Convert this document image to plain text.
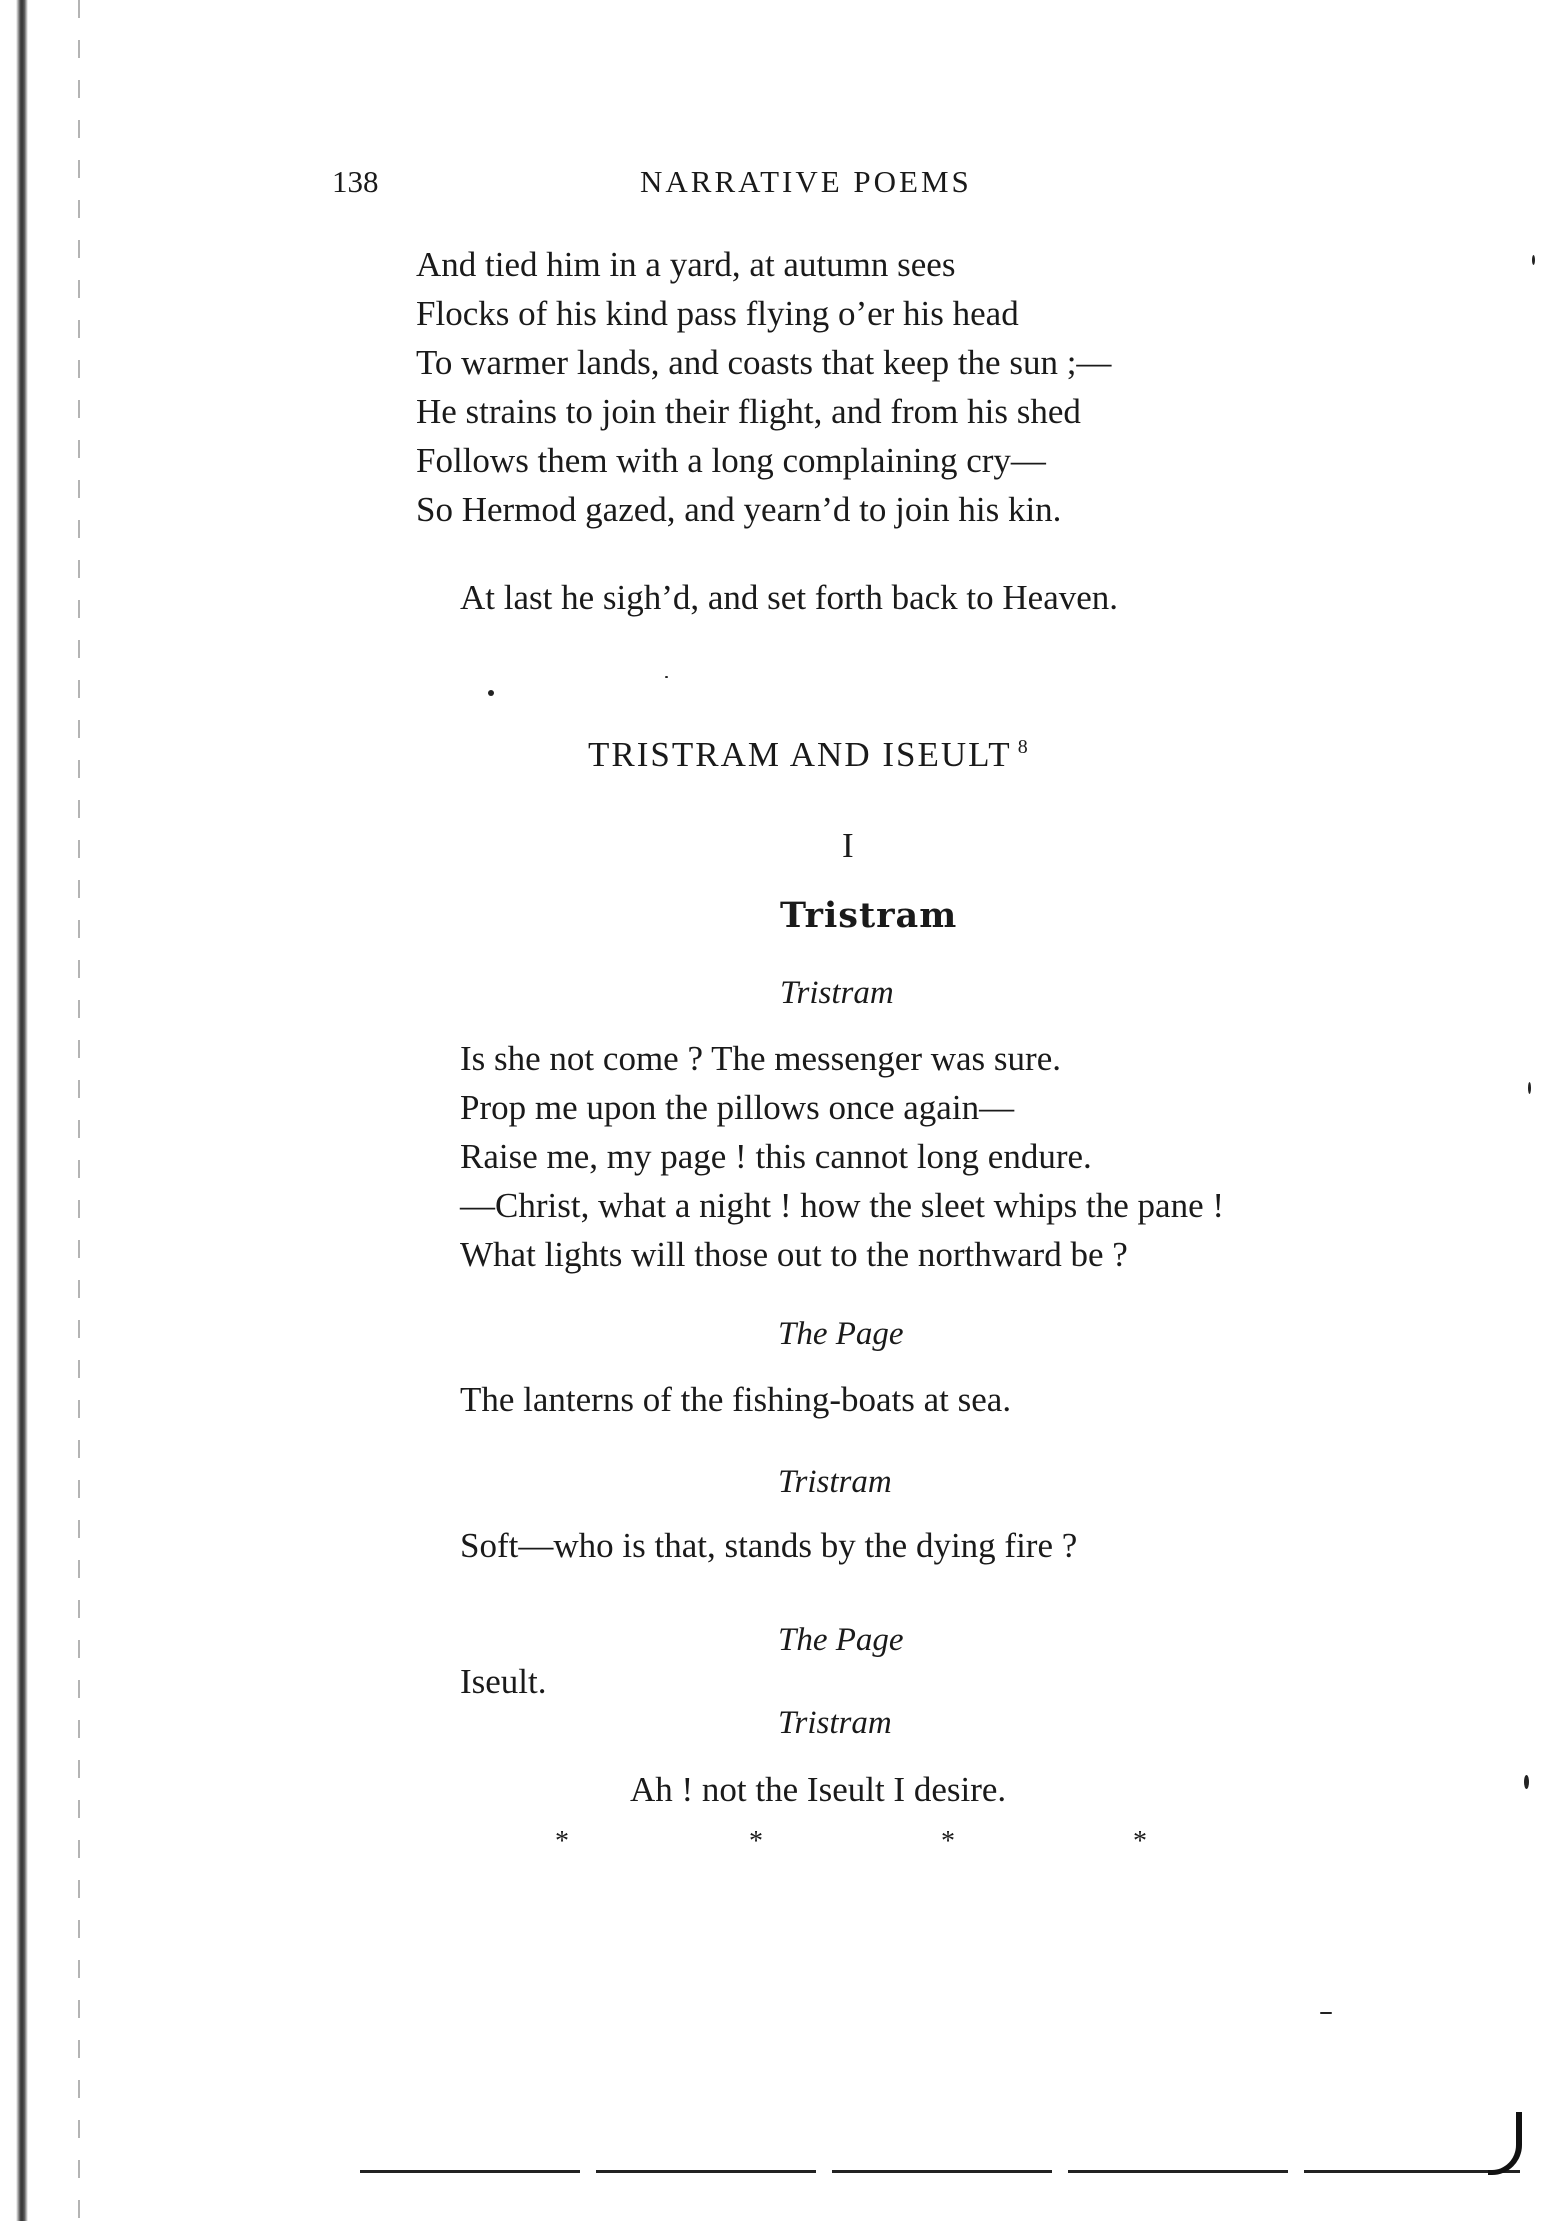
138	NARRATIVE POEMS
And tied him in a yard, at autumn sees
Flocks of his kind pass flying o’er his head
To warmer lands, and coasts that keep the sun ;—
He strains to join their flight, and from his shed
Follows them with a long complaining cry—
So Hermod gazed, and yearn’d to join his kin.
At last he sigh’d, and set forth back to Heaven.
TRISTRAM AND ISEULT $^8$
I
Tristram
Tristram
Is she not come ? The messenger was sure.
Prop me upon the pillows once again—
Raise me, my page ! this cannot long endure.
—Christ, what a night ! how the sleet whips the pane !
What lights will those out to the northward be ?
The Page
The lanterns of the fishing-boats at sea.
Tristram
Soft—who is that, stands by the dying fire ?
The Page
Iseult.
Tristram
Ah ! not the Iseult I desire.
*	*	*	*
